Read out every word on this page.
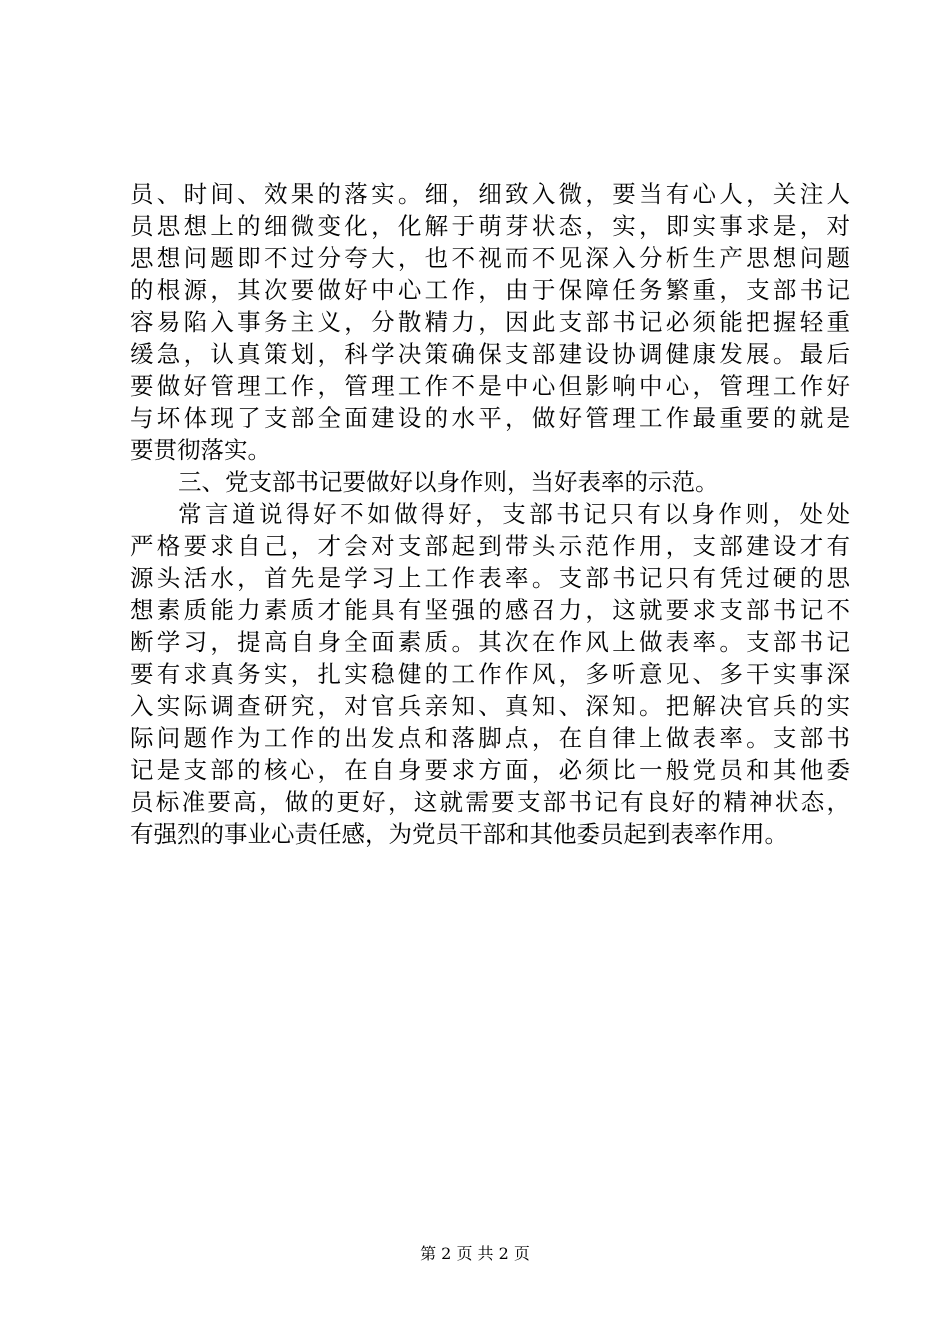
员、时间、效果的落实。细，细致入微，要当有心人，关注人
员思想上的细微变化，化解于萌芽状态，实，即实事求是，对
思想问题即不过分夸大，也不视而不见深入分析生产思想问题
的根源，其次要做好中心工作，由于保障任务繁重，支部书记
容易陷入事务主义，分散精力，因此支部书记必须能把握轻重
缓急，认真策划，科学决策确保支部建设协调健康发展。最后
要做好管理工作，管理工作不是中心但影响中心，管理工作好
与坏体现了支部全面建设的水平，做好管理工作最重要的就是
要贯彻落实。
三、党支部书记要做好以身作则，当好表率的示范。
常言道说得好不如做得好，支部书记只有以身作则，处处
严格要求自己，才会对支部起到带头示范作用，支部建设才有
源头活水，首先是学习上工作表率。支部书记只有凭过硬的思
想素质能力素质才能具有坚强的感召力，这就要求支部书记不
断学习，提高自身全面素质。其次在作风上做表率。支部书记
要有求真务实，扎实稳健的工作作风，多听意见、多干实事深
入实际调查研究，对官兵亲知、真知、深知。把解决官兵的实
际问题作为工作的出发点和落脚点，在自律上做表率。支部书
记是支部的核心，在自身要求方面，必须比一般党员和其他委
员标准要高，做的更好，这就需要支部书记有良好的精神状态，
有强烈的事业心责任感，为党员干部和其他委员起到表率作用。
第 2 页 共 2 页
